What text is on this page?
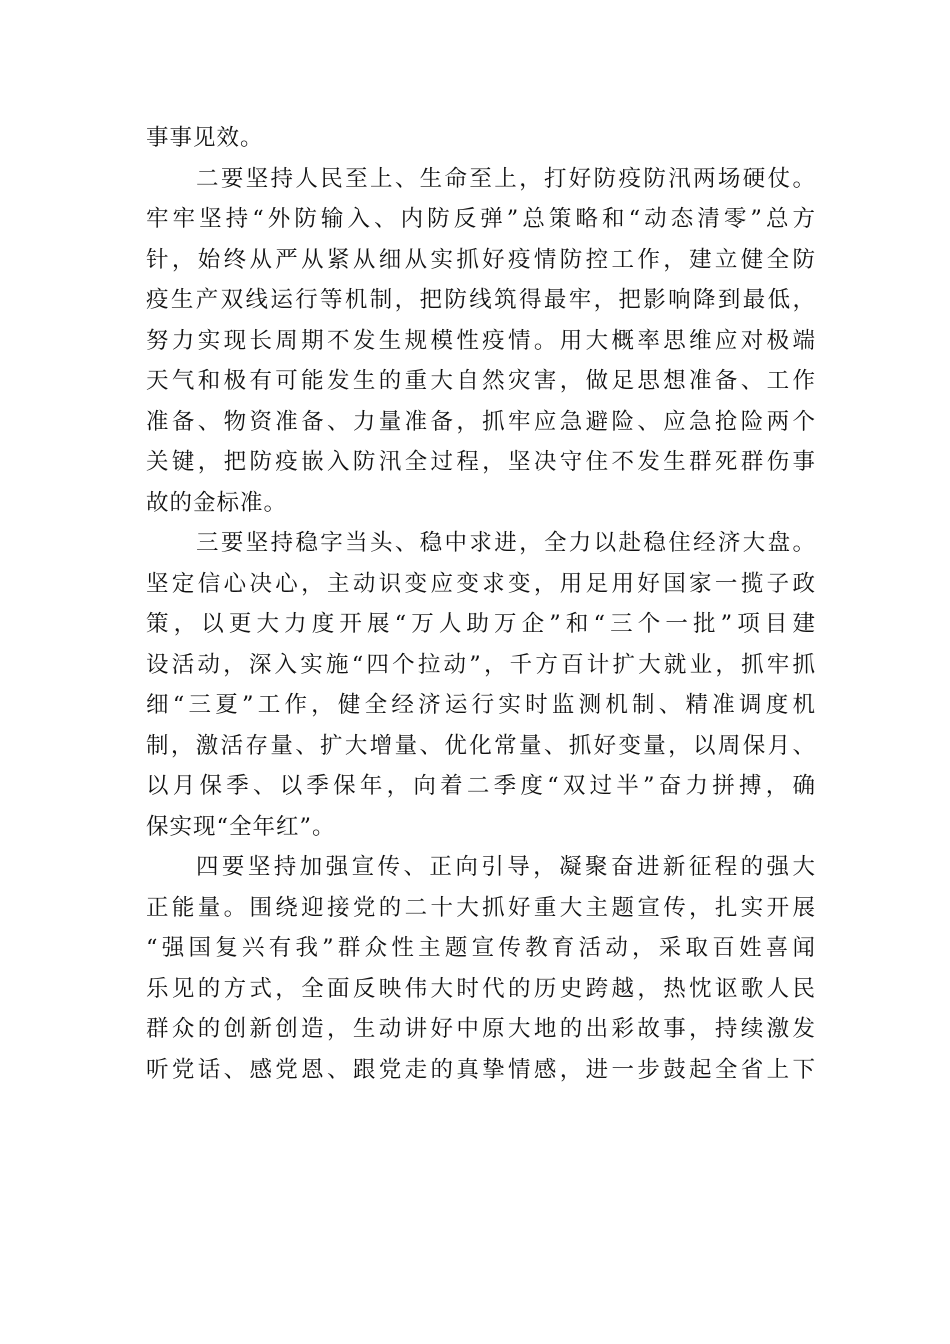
事事见效。
二要坚持人民至上、生命至上，打好防疫防汛两场硬仗。
牢牢坚持“外防输入、内防反弹”总策略和“动态清零”总方
针，始终从严从紧从细从实抓好疫情防控工作，建立健全防
疫生产双线运行等机制，把防线筑得最牢，把影响降到最低，
努力实现长周期不发生规模性疫情。用大概率思维应对极端
天气和极有可能发生的重大自然灾害，做足思想准备、工作
准备、物资准备、力量准备，抓牢应急避险、应急抢险两个
关键，把防疫嵌入防汛全过程，坚决守住不发生群死群伤事
故的金标准。
三要坚持稳字当头、稳中求进，全力以赴稳住经济大盘。
坚定信心决心，主动识变应变求变，用足用好国家一揽子政
策，以更大力度开展“万人助万企”和“三个一批”项目建
设活动，深入实施“四个拉动”，千方百计扩大就业，抓牢抓
细“三夏”工作，健全经济运行实时监测机制、精准调度机
制，激活存量、扩大增量、优化常量、抓好变量，以周保月、
以月保季、以季保年，向着二季度“双过半”奋力拼搏，确
保实现“全年红”。
四要坚持加强宣传、正向引导，凝聚奋进新征程的强大
正能量。围绕迎接党的二十大抓好重大主题宣传，扎实开展
“强国复兴有我”群众性主题宣传教育活动，采取百姓喜闻
乐见的方式，全面反映伟大时代的历史跨越，热忱讴歌人民
群众的创新创造，生动讲好中原大地的出彩故事，持续激发
听党话、感党恩、跟党走的真挚情感，进一步鼓起全省上下
